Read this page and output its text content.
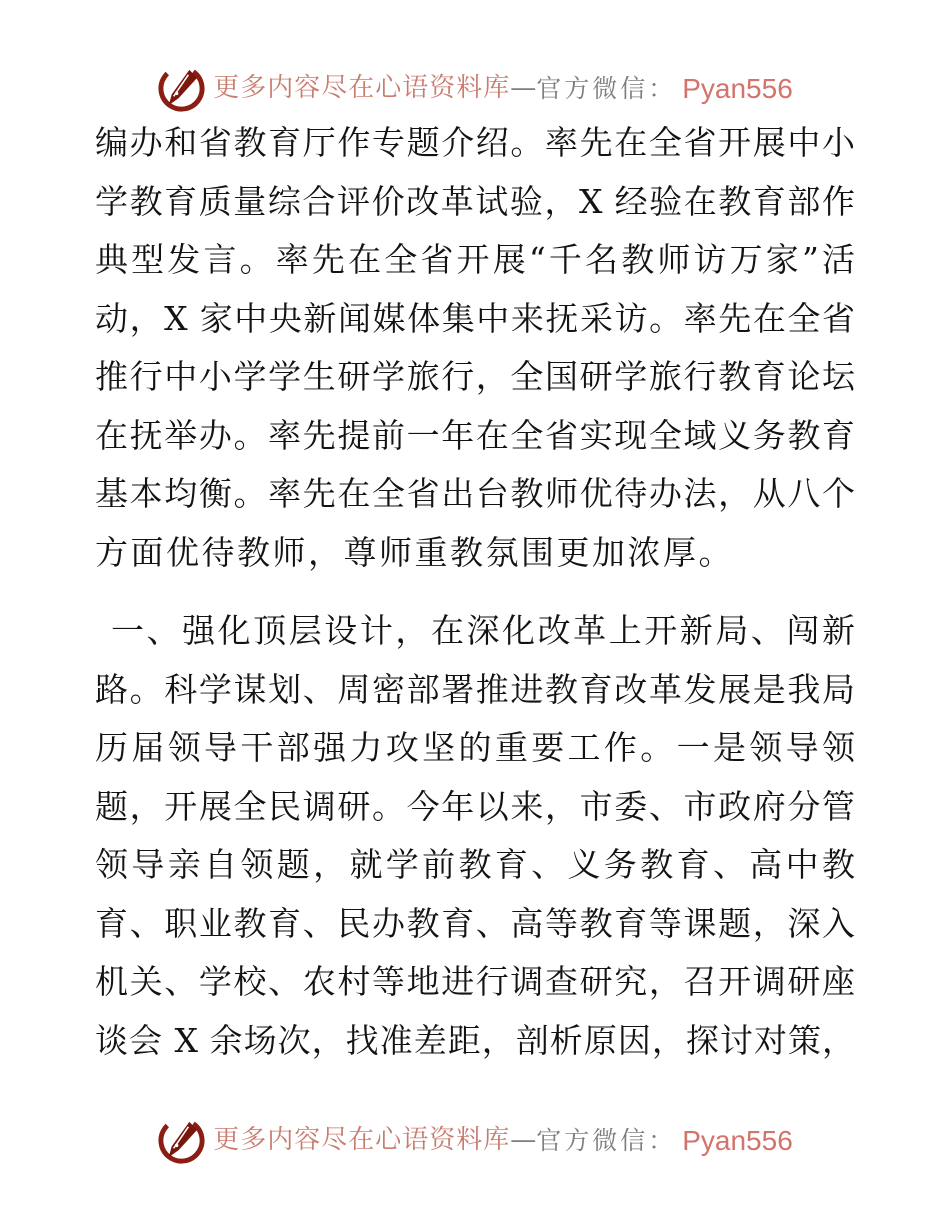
更多内容尽在心语资料库 — 官方微信： Pyan556
编办和省教育厅作专题介绍。率先在全省开展中小
学教育质量综合评价改革试验，X 经验在教育部作
典型发言。率先在全省开展“千名教师访万家”活
动，X 家中央新闻媒体集中来抚采访。率先在全省
推行中小学学生研学旅行，全国研学旅行教育论坛
在抚举办。率先提前一年在全省实现全域义务教育
基本均衡。率先在全省出台教师优待办法，从八个
方面优待教师，尊师重教氛围更加浓厚。
一、强化顶层设计，在深化改革上开新局、闯新
路。科学谋划、周密部署推进教育改革发展是我局
历届领导干部强力攻坚的重要工作。一是领导领
题，开展全民调研。今年以来，市委、市政府分管
领导亲自领题，就学前教育、义务教育、高中教
育、职业教育、民办教育、高等教育等课题，深入
机关、学校、农村等地进行调查研究，召开调研座
谈会 X 余场次，找准差距，剖析原因，探讨对策，
更多内容尽在心语资料库 — 官方微信： Pyan556
